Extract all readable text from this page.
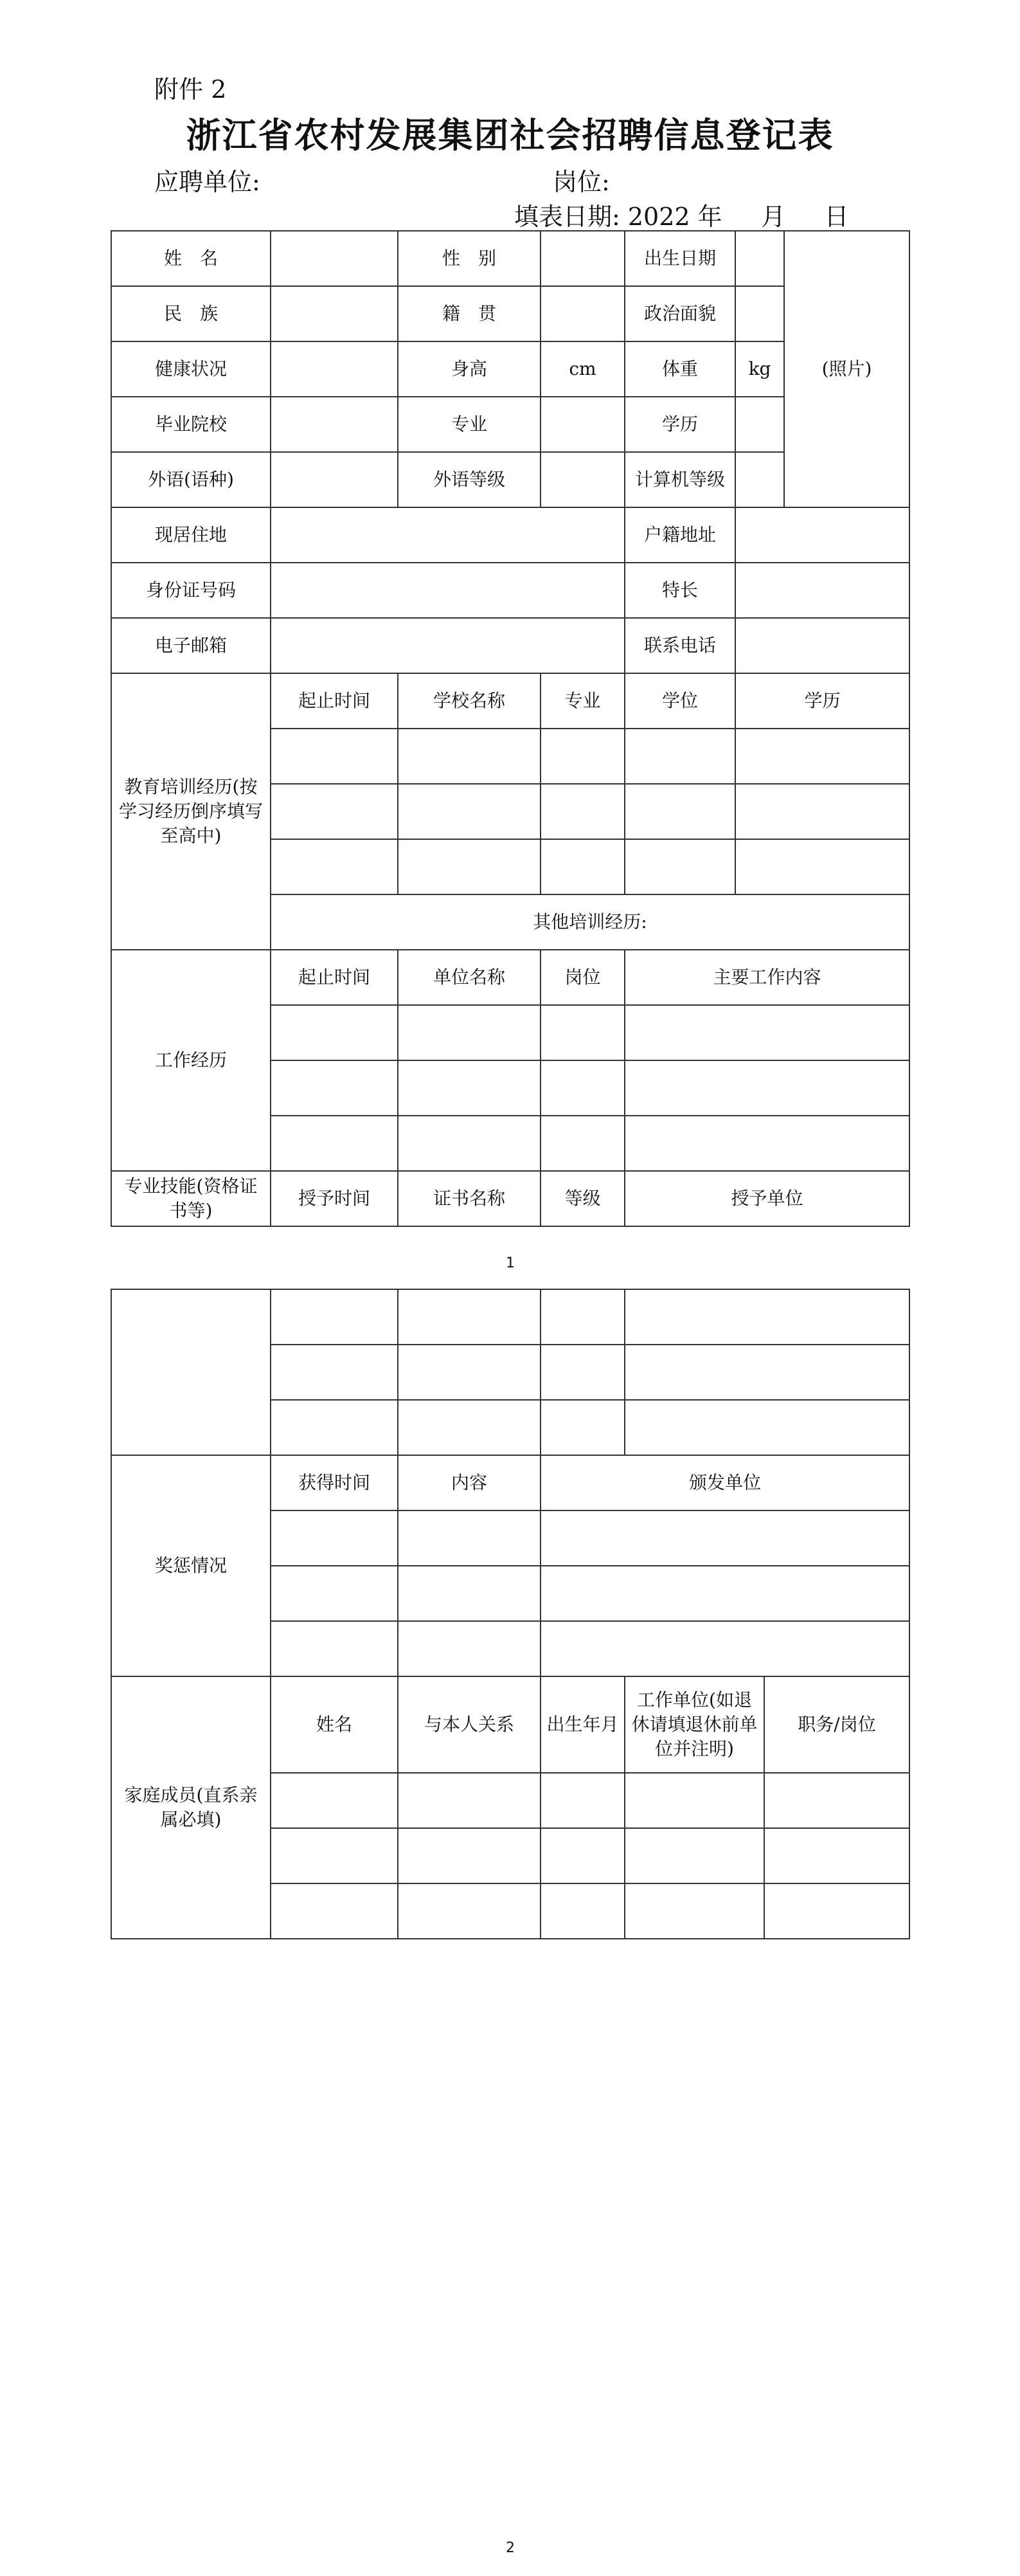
附件 2
浙江省农村发展集团社会招聘信息登记表
应聘单位:	岗位:
填表日期: 2022 年     月     日
姓　名		性　别		出生日期		(照片)
民　族		籍　贯		政治面貌		
健康状况		身高	cm	体重	kg	
毕业院校		专业		学历		
外语(语种)		外语等级		计算机等级		
现居住地				户籍地址		
身份证号码				特长		
电子邮箱				联系电话		
教育培训经历(按学习经历倒序填写至高中)	起止时间	学校名称	专业	学位	学历	

	其他培训经历:					
工作经历	起止时间	单位名称	岗位	主要工作内容		

专业技能(资格证书等)	授予时间	证书名称	等级	授予单位		
1

奖惩情况	获得时间	内容	颁发单位		

家庭成员(直系亲属必填)	姓名	与本人关系	出生年月	工作单位(如退休请填退休前单位并注明)	职务/岗位

2
